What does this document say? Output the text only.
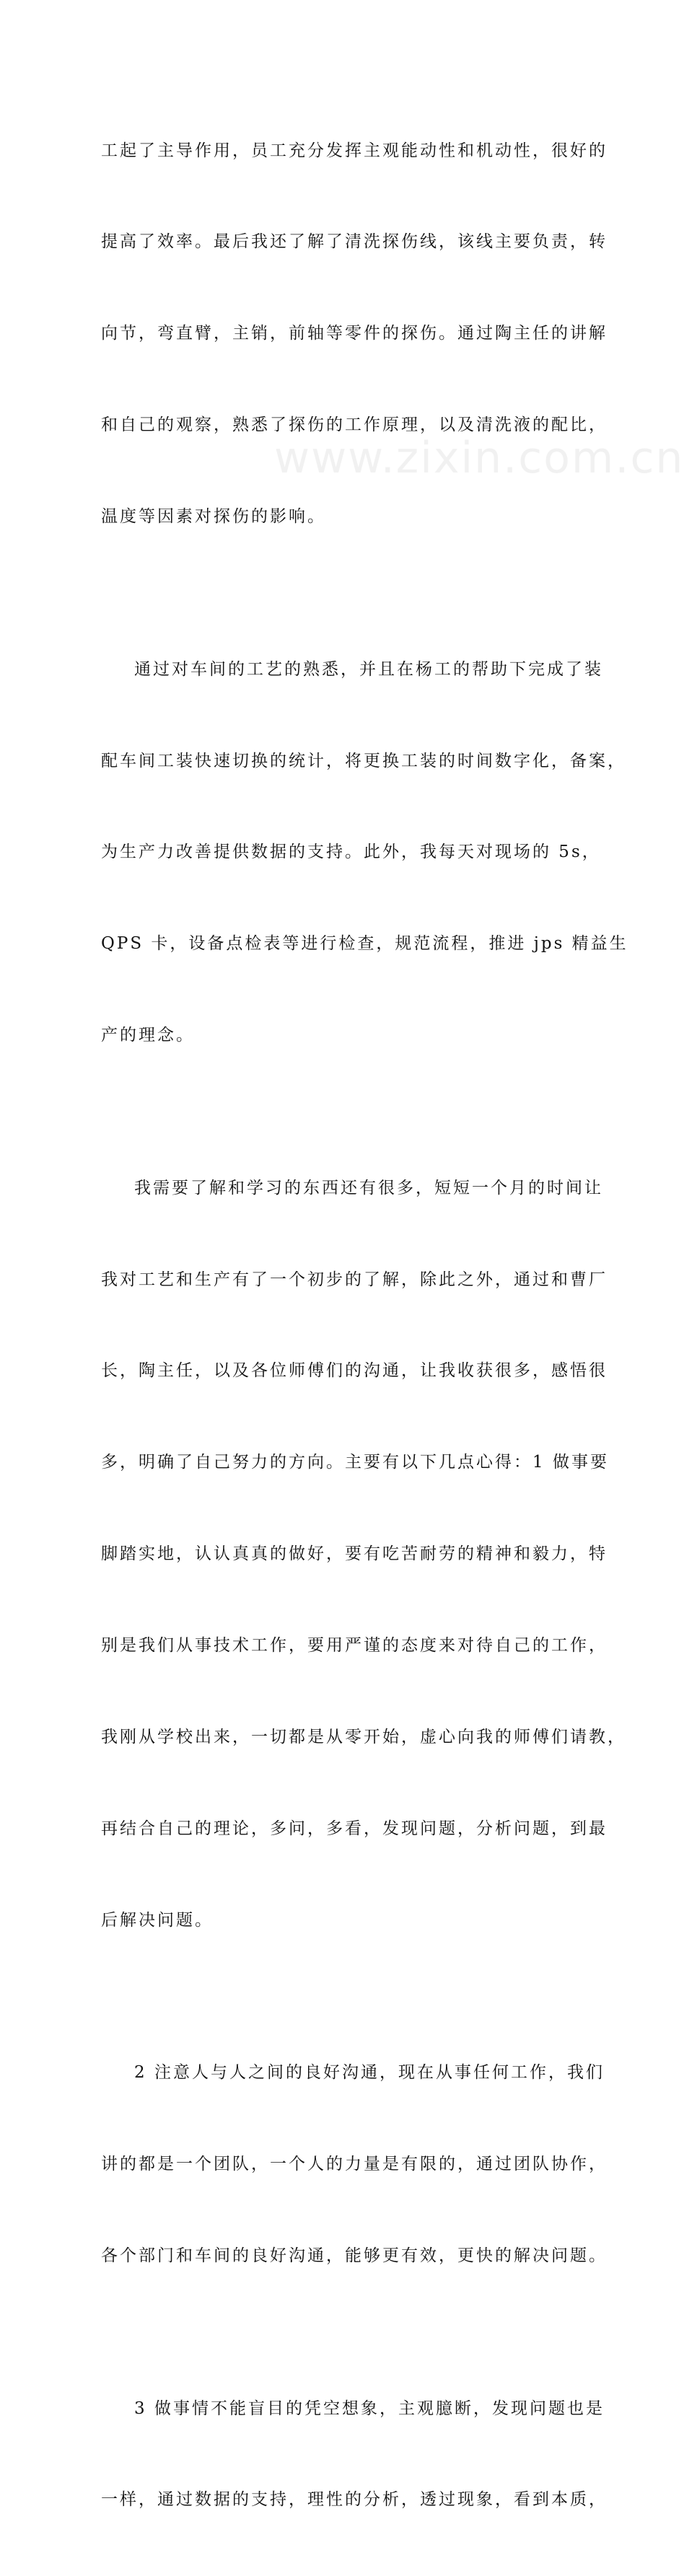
工起了主导作用，员工充分发挥主观能动性和机动性，很好的

提高了效率。最后我还了解了清洗探伤线，该线主要负责，转

向节，弯直臂，主销，前轴等零件的探伤。通过陶主任的讲解

和自己的观察，熟悉了探伤的工作原理，以及清洗液的配比，

温度等因素对探伤的影响。

通过对车间的工艺的熟悉，并且在杨工的帮助下完成了装

配车间工装快速切换的统计，将更换工装的时间数字化，备案，

为生产力改善提供数据的支持。此外，我每天对现场的 5s，

QPS 卡，设备点检表等进行检查，规范流程，推进 jps 精益生

产的理念。

我需要了解和学习的东西还有很多，短短一个月的时间让

我对工艺和生产有了一个初步的了解，除此之外，通过和曹厂

长，陶主任，以及各位师傅们的沟通，让我收获很多，感悟很

多，明确了自己努力的方向。主要有以下几点心得：1 做事要

脚踏实地，认认真真的做好，要有吃苦耐劳的精神和毅力，特

别是我们从事技术工作，要用严谨的态度来对待自己的工作，

我刚从学校出来，一切都是从零开始，虚心向我的师傅们请教，

再结合自己的理论，多问，多看，发现问题，分析问题，到最

后解决问题。

2 注意人与人之间的良好沟通，现在从事任何工作，我们

讲的都是一个团队，一个人的力量是有限的，通过团队协作，

各个部门和车间的良好沟通，能够更有效，更快的解决问题。

3 做事情不能盲目的凭空想象，主观臆断，发现问题也是

一样，通过数据的支持，理性的分析，透过现象，看到本质，

www.zixin.com.cn
